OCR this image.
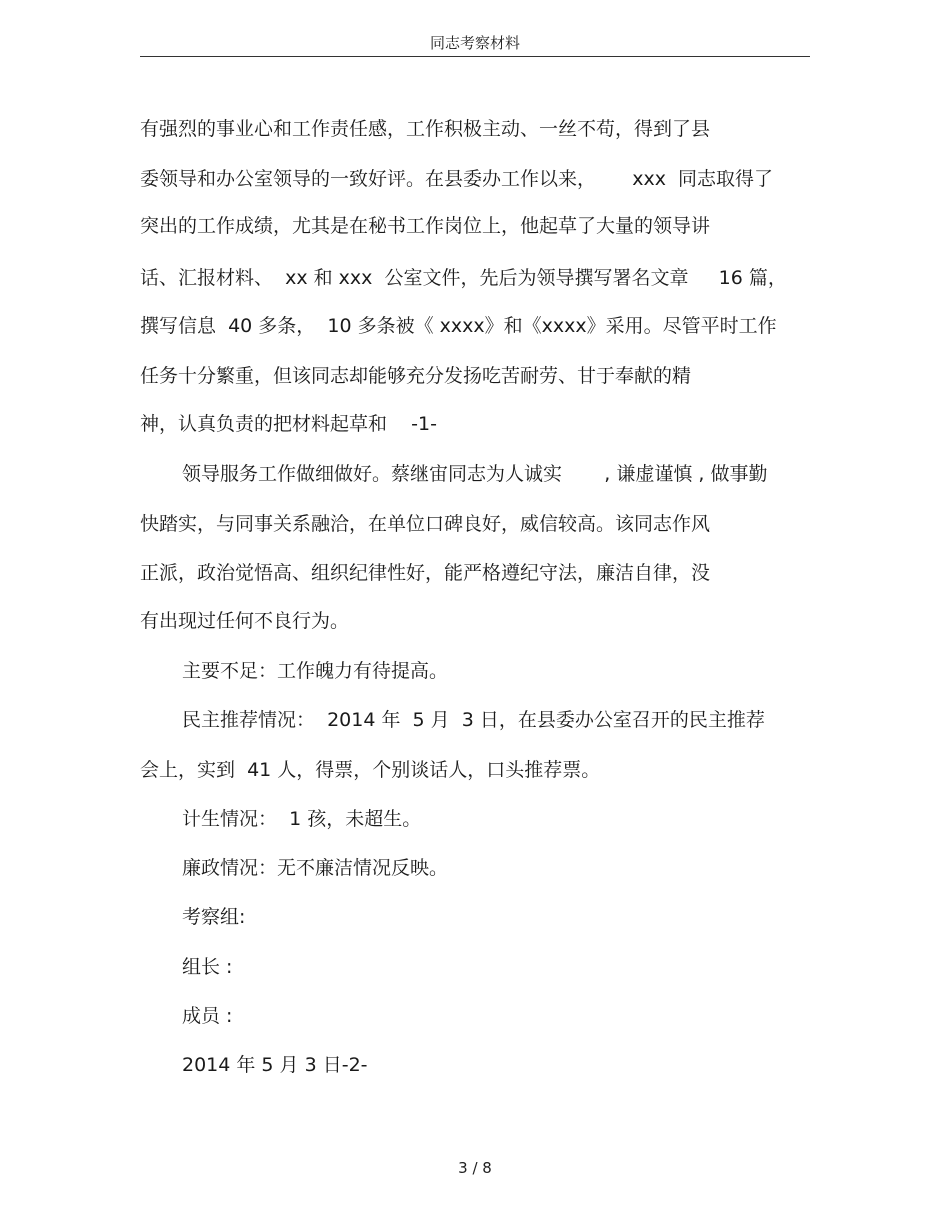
同志考察材料
有强烈的事业心和工作责任感，工作积极主动、一丝不苟，得到了县
委领导和办公室领导的一致好评。在县委办工作以来，      xxx  同志取得了
突出的工作成绩，尤其是在秘书工作岗位上，他起草了大量的领导讲
话、汇报材料、  xx 和 xxx  公室文件，先后为领导撰写署名文章     16 篇，
撰写信息  40 多条，  10 多条被《 xxxx》和《xxxx》采用。尽管平时工作
任务十分繁重，但该同志却能够充分发扬吃苦耐劳、甘于奉献的精
神，认真负责的把材料起草和    -1-
领导服务工作做细做好。蔡继宙同志为人诚实       , 谦虚谨慎 , 做事勤
快踏实，与同事关系融洽，在单位口碑良好，威信较高。该同志作风
正派，政治觉悟高、组织纪律性好，能严格遵纪守法，廉洁自律，没
有出现过任何不良行为。
主要不足：工作魄力有待提高。
民主推荐情况：  2014 年  5 月  3 日，在县委办公室召开的民主推荐
会上，实到  41 人，得票，个别谈话人，口头推荐票。
计生情况：  1 孩，未超生。
廉政情况：无不廉洁情况反映。
考察组:
组长 :
成员 :
2014 年 5 月 3 日-2-
3 / 8
